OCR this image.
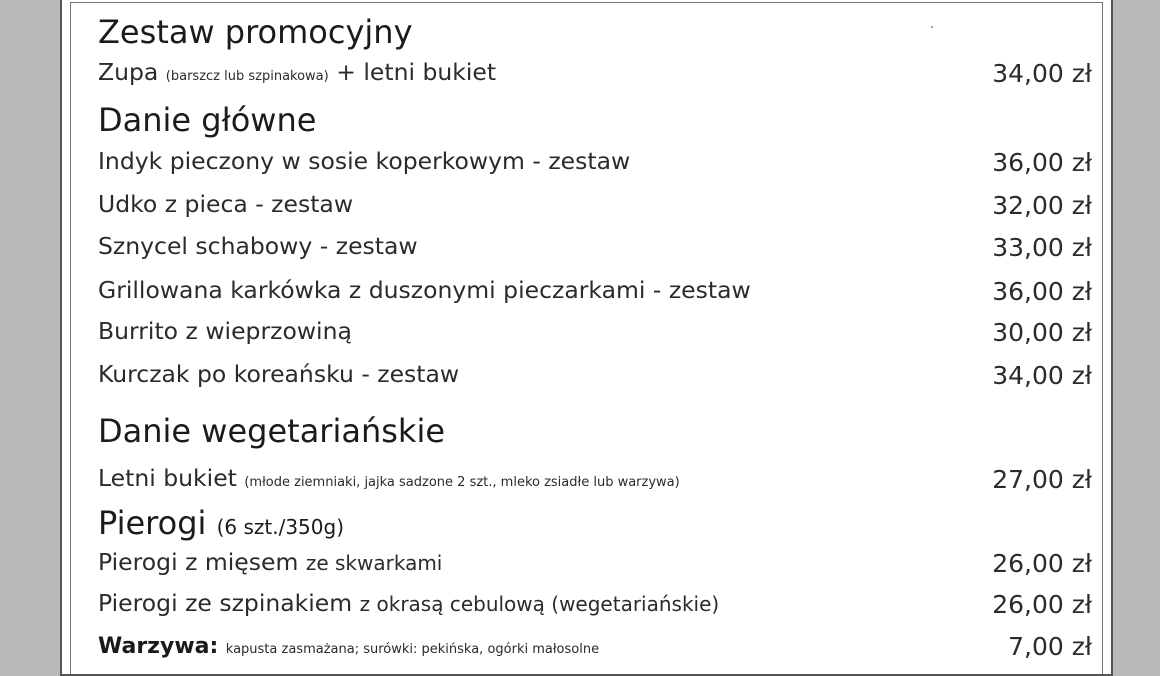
Zestaw promocyjny
Zupa (barszcz lub szpinakowa) + letni bukiet	34,00 zł
Danie główne
Indyk pieczony w sosie koperkowym - zestaw	36,00 zł
Udko z pieca - zestaw	32,00 zł
Sznycel schabowy - zestaw	33,00 zł
Grillowana karkówka z duszonymi pieczarkami - zestaw	36,00 zł
Burrito z wieprzowiną	30,00 zł
Kurczak po koreańsku - zestaw	34,00 zł
Danie wegetariańskie
Letni bukiet (młode ziemniaki, jajka sadzone 2 szt., mleko zsiadłe lub warzywa)	27,00 zł
Pierogi (6 szt./350g)
Pierogi z mięsem ze skwarkami	26,00 zł
Pierogi ze szpinakiem z okrasą cebulową (wegetariańskie)	26,00 zł
Warzywa: kapusta zasmażana; surówki: pekińska, ogórki małosolne	7,00 zł
